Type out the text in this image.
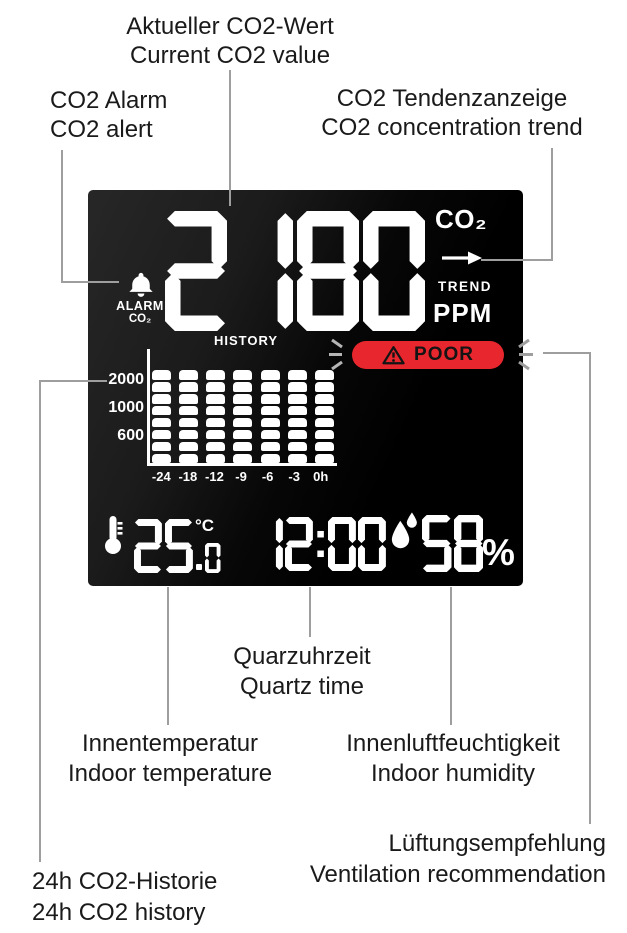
Aktueller CO2-Wert
Current CO2 value
CO2 Alarm
CO2 alert
CO2 Tendenzanzeige
CO2 concentration trend
Quarzuhrzeit
Quartz time
Innentemperatur
Indoor temperature
Innenluftfeuchtigkeit
Indoor humidity
Lüftungsempfehlung
Ventilation recommendation
24h CO2-Historie
24h CO2 history
CO₂
TREND
PPM
ALARM
CO₂
HISTORY
POOR
2000
1000
600
-24 -18 -12 -9	-6	-3	0h
°C
%
